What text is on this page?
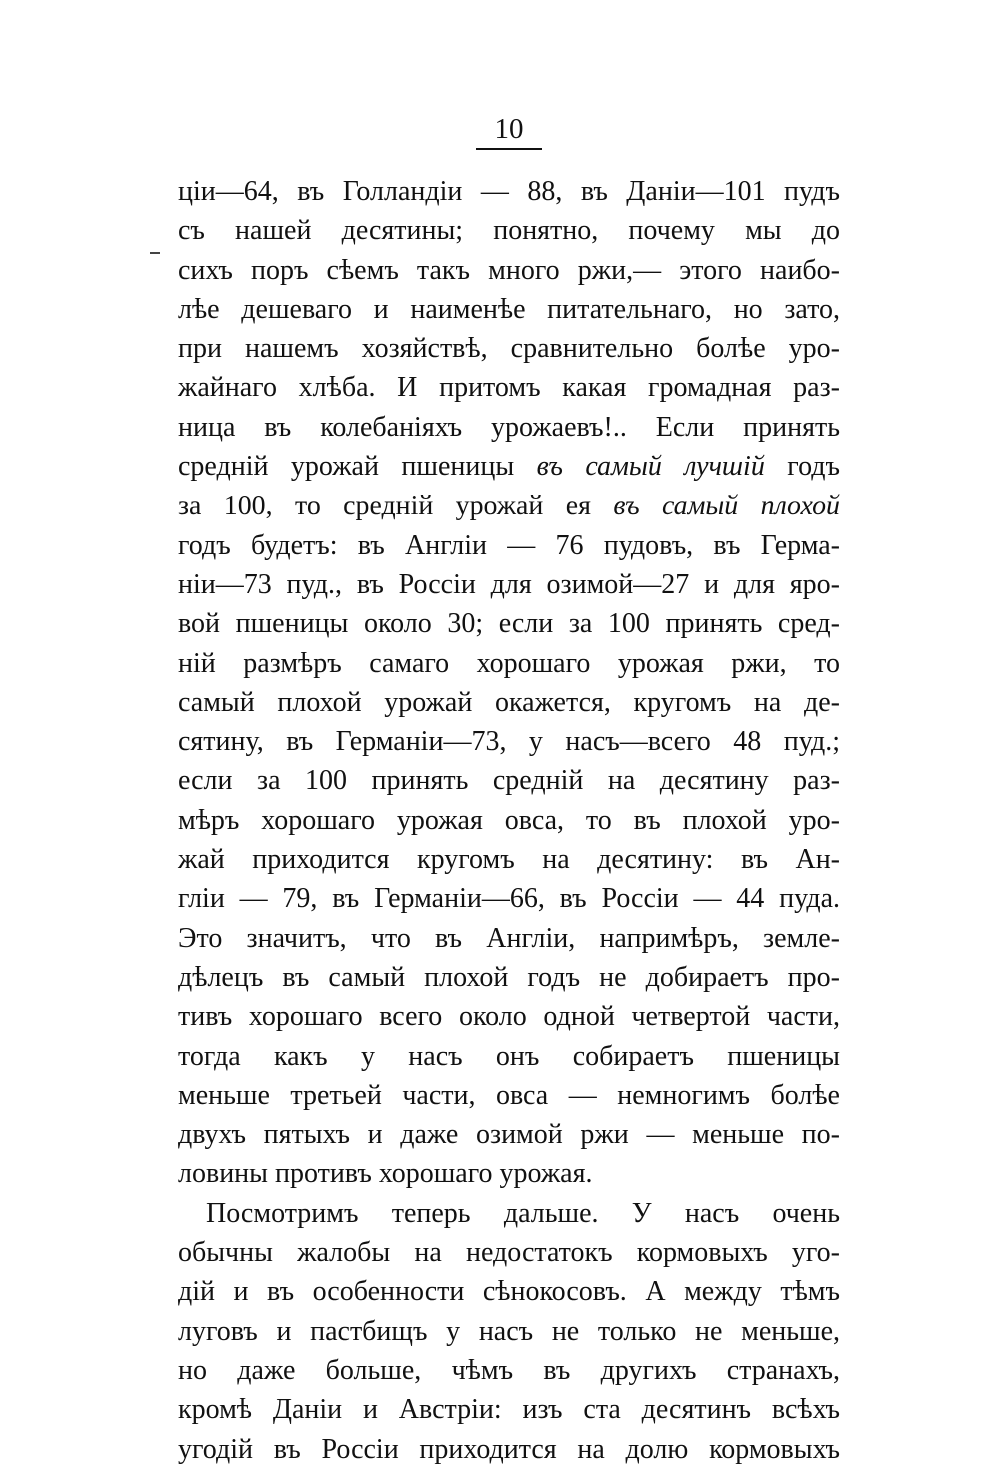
10
ціи—64, въ Голландіи — 88, въ Даніи—101 пудъ
съ нашей десятины; понятно, почему мы до
сихъ поръ сѣемъ такъ много ржи,— этого наибо-
лѣе дешеваго и наименѣе питательнаго, но зато,
при нашемъ хозяйствѣ, сравнительно болѣе уро-
жайнаго хлѣба. И притомъ какая громадная раз-
ница въ колебаніяхъ урожаевъ!.. Если принять
средній урожай пшеницы въ самый лучшій годъ
за 100, то средній урожай ея въ самый плохой
годъ будетъ: въ Англіи — 76 пудовъ, въ Герма-
ніи—73 пуд., въ Россіи для озимой—27 и для яро-
вой пшеницы около 30; если за 100 принять сред-
ній размѣръ самаго хорошаго урожая ржи, то
самый плохой урожай окажется, кругомъ на де-
сятину, въ Германіи—73, у насъ—всего 48 пуд.;
если за 100 принять средній на десятину раз-
мѣръ хорошаго урожая овса, то въ плохой уро-
жай приходится кругомъ на десятину: въ Ан-
гліи — 79, въ Германіи—66, въ Россіи — 44 пуда.
Это значитъ, что въ Англіи, напримѣръ, земле-
дѣлецъ въ самый плохой годъ не добираетъ про-
тивъ хорошаго всего около одной четвертой части,
тогда какъ у насъ онъ собираетъ пшеницы
меньше третьей части, овса — немногимъ болѣе
двухъ пятыхъ и даже озимой ржи — меньше по-
ловины противъ хорошаго урожая.
Посмотримъ теперь дальше. У насъ очень
обычны жалобы на недостатокъ кормовыхъ уго-
дій и въ особенности сѣнокосовъ. А между тѣмъ
луговъ и пастбищъ у насъ не только не меньше,
но даже больше, чѣмъ въ другихъ странахъ,
кромѣ Даніи и Австріи: изъ ста десятинъ всѣхъ
угодій въ Россіи приходится на долю кормовыхъ
